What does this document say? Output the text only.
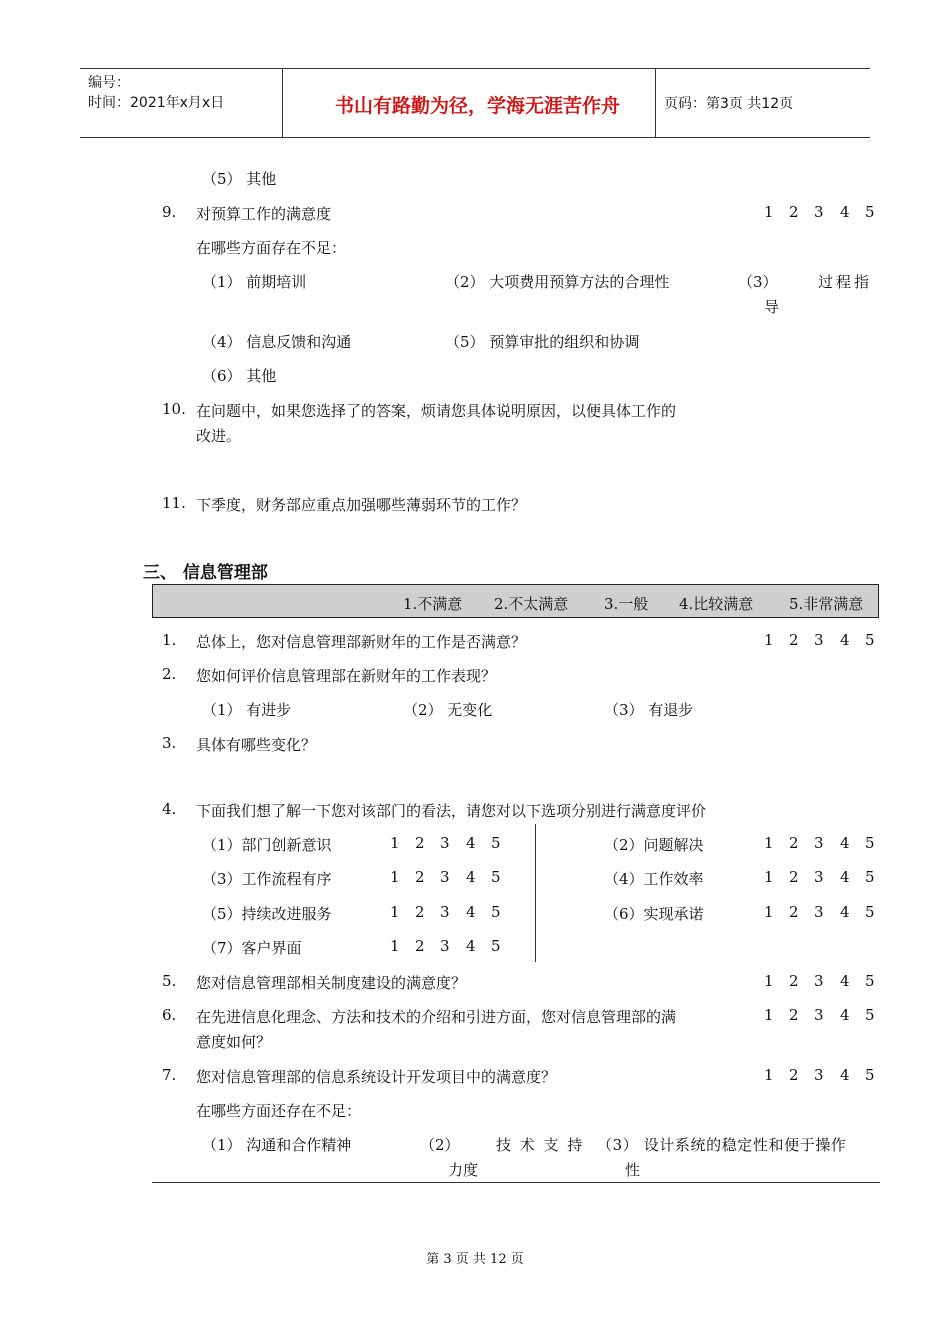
编号：
时间：2021年x月x日	书山有路勤为径，学海无涯苦作舟	页码：第3页 共12页
（5） 其他
9. 对预算工作的满意度	1 2 3 4 5
在哪些方面存在不足：
（1） 前期培训	（2） 大项费用预算方法的合理性	（3）	过程指
导
（4） 信息反馈和沟通	（5） 预算审批的组织和协调
（6） 其他
10. 在问题中，如果您选择了的答案，烦请您具体说明原因，以便具体工作的
改进。
11. 下季度，财务部应重点加强哪些薄弱环节的工作？
三、 信息管理部
1.不满意 2.不太满意 3.一般 4.比较满意 5.非常满意
1. 总体上，您对信息管理部新财年的工作是否满意？	1 2 3 4 5
2. 您如何评价信息管理部在新财年的工作表现？
（1） 有进步	（2） 无变化	（3） 有退步
3. 具体有哪些变化？
4. 下面我们想了解一下您对该部门的看法，请您对以下选项分别进行满意度评价
（1）部门创新意识	1 2 3 4 5	（2）问题解决	1 2 3 4 5
（3）工作流程有序	1 2 3 4 5	（4）工作效率	1 2 3 4 5
（5）持续改进服务	1 2 3 4 5	（6）实现承诺	1 2 3 4 5
（7）客户界面	1 2 3 4 5
5. 您对信息管理部相关制度建设的满意度？	1 2 3 4 5
6. 在先进信息化理念、方法和技术的介绍和引进方面，您对信息管理部的满
意度如何？
1 2 3 4 5
7. 您对信息管理部的信息系统设计开发项目中的满意度？	1 2 3 4 5
在哪些方面还存在不足：
（1） 沟通和合作精神	（2） 技 术 支 持
力度
（3） 设计系统的稳定性和便于操作
性
第 3 页 共 12 页
